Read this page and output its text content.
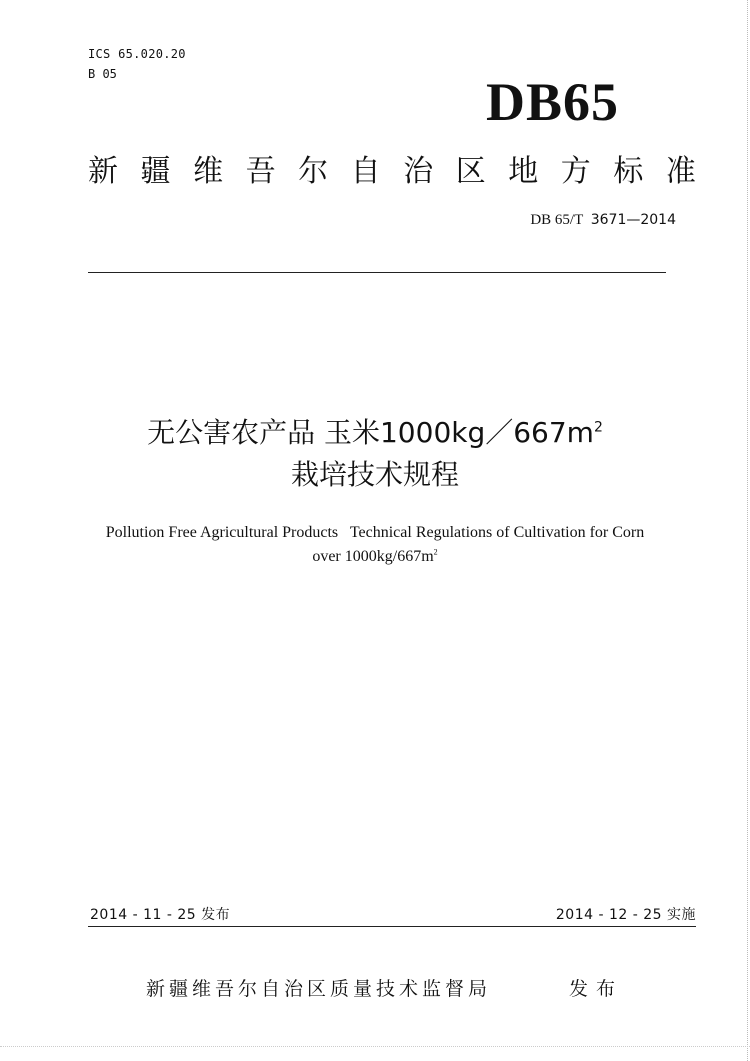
ICS 65.020.20
B 05	DB65
新 疆 维 吾 尔 自 治 区 地 方 标 准
DB 65/T 3671—2014
无公害农产品 玉米$1000kg/667m^2$
栽培技术规程
Pollution Free Agricultural Products   Technical Regulations of Cultivation for Corn
over $1000kg/667m^2$
2014 - 11 - 25 发布	2014 - 12 - 25 实施
新疆维吾尔自治区质量技术监督局	发布
